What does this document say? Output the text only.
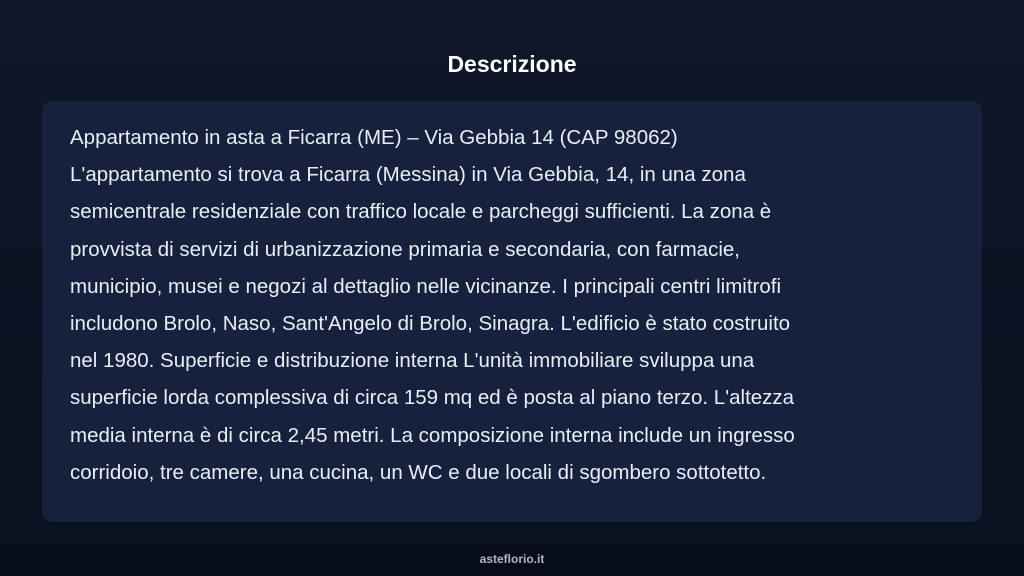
Descrizione

Appartamento in asta a Ficarra (ME) – Via Gebbia 14 (CAP 98062)
L'appartamento si trova a Ficarra (Messina) in Via Gebbia, 14, in una zona
semicentrale residenziale con traffico locale e parcheggi sufficienti. La zona è
provvista di servizi di urbanizzazione primaria e secondaria, con farmacie,
municipio, musei e negozi al dettaglio nelle vicinanze. I principali centri limitrofi
includono Brolo, Naso, Sant'Angelo di Brolo, Sinagra. L'edificio è stato costruito
nel 1980. Superficie e distribuzione interna L'unità immobiliare sviluppa una
superficie lorda complessiva di circa 159 mq ed è posta al piano terzo. L'altezza
media interna è di circa 2,45 metri. La composizione interna include un ingresso
corridoio, tre camere, una cucina, un WC e due locali di sgombero sottotetto.

asteflorio.it
